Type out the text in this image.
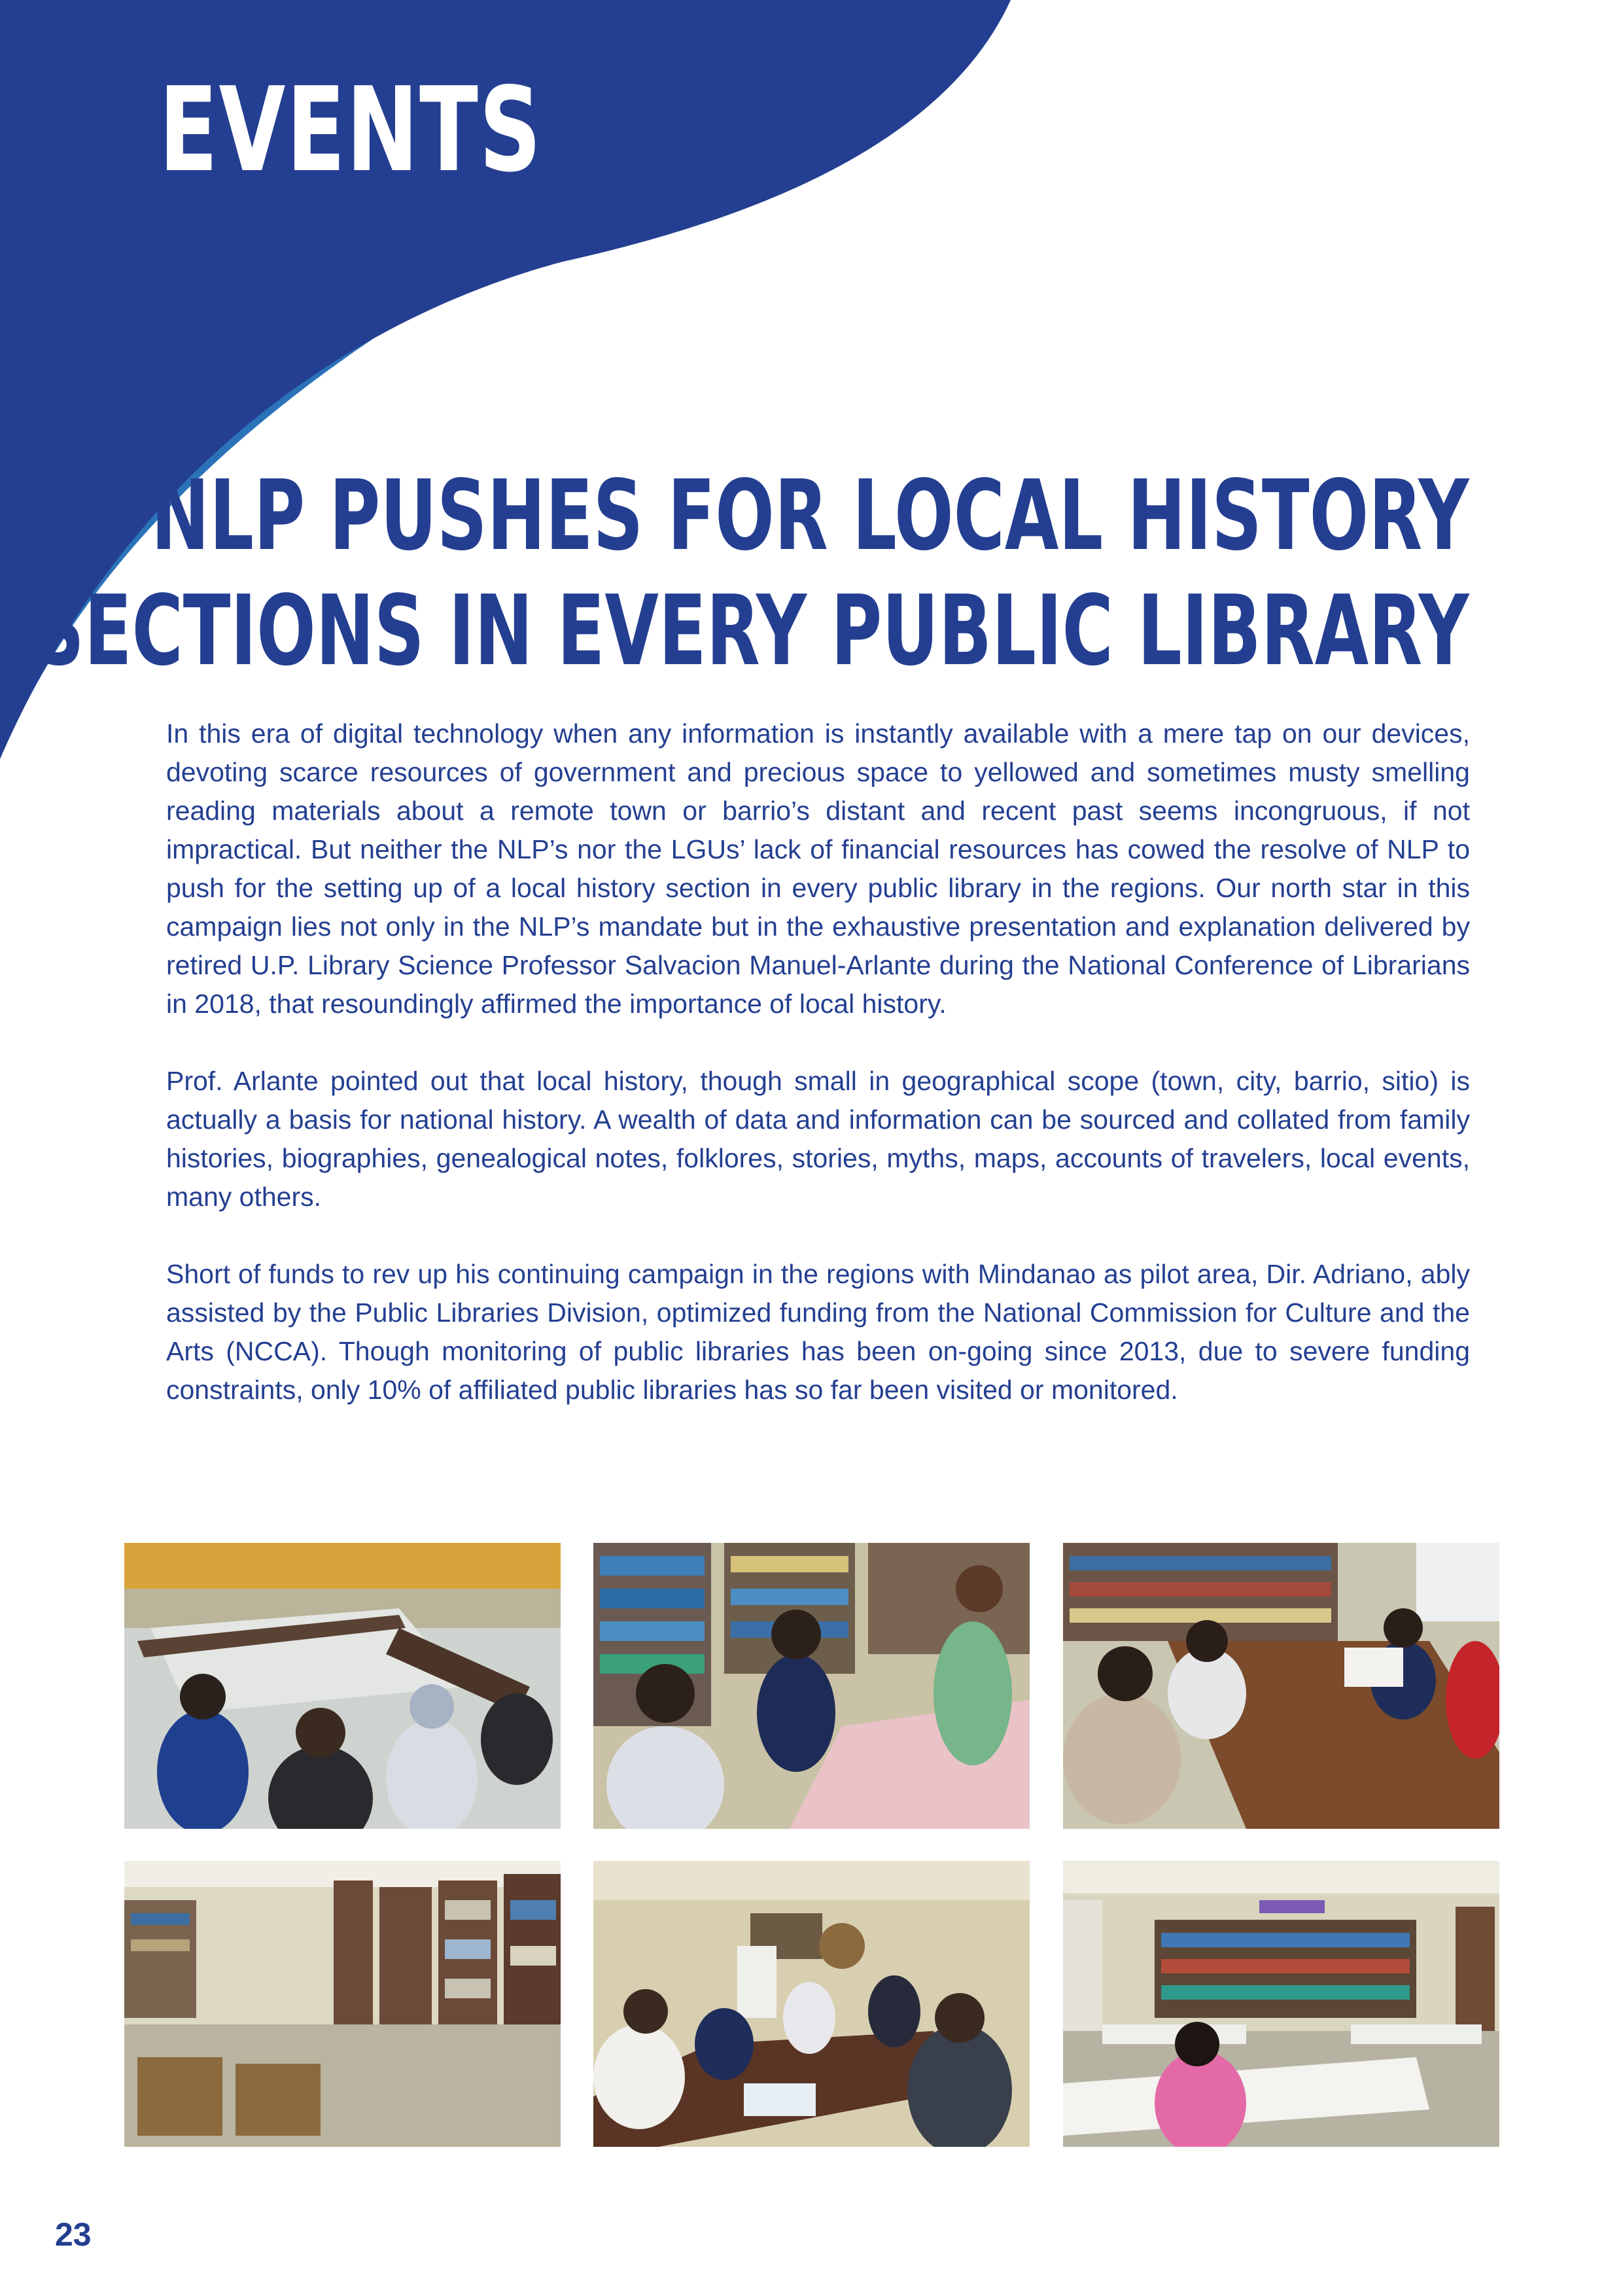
EVENTS
NLP PUSHES FOR LOCAL HISTORY
SECTIONS IN EVERY PUBLIC LIBRARY

In this era of digital technology when any information is instantly available with a mere tap on our devices, devoting scarce resources of government and precious space to yellowed and sometimes musty smelling reading materials about a remote town or barrio’s distant and recent past seems incongruous, if not impractical. But neither the NLP’s nor the LGUs’ lack of financial resources has cowed the resolve of NLP to push for the setting up of a local history section in every public library in the regions. Our north star in this campaign lies not only in the NLP’s mandate but in the exhaustive presentation and explanation delivered by retired U.P. Library Science Professor Salvacion Manuel-Arlante during the National Conference of Librarians in 2018, that resoundingly affirmed the importance of local history.

Prof. Arlante pointed out that local history, though small in geographical scope (town, city, barrio, sitio) is actually a basis for national history. A wealth of data and information can be sourced and collated from family histories, biographies, genealogical notes, folklores, stories, myths, maps, accounts of travelers, local events, many others.

Short of funds to rev up his continuing campaign in the regions with Mindanao as pilot area, Dir. Adriano, ably assisted by the Public Libraries Division, optimized funding from the National Commission for Culture and the Arts (NCCA). Though monitoring of public libraries has been on-going since 2013, due to severe funding constraints, only 10% of affiliated public libraries has so far been visited or monitored.

23
